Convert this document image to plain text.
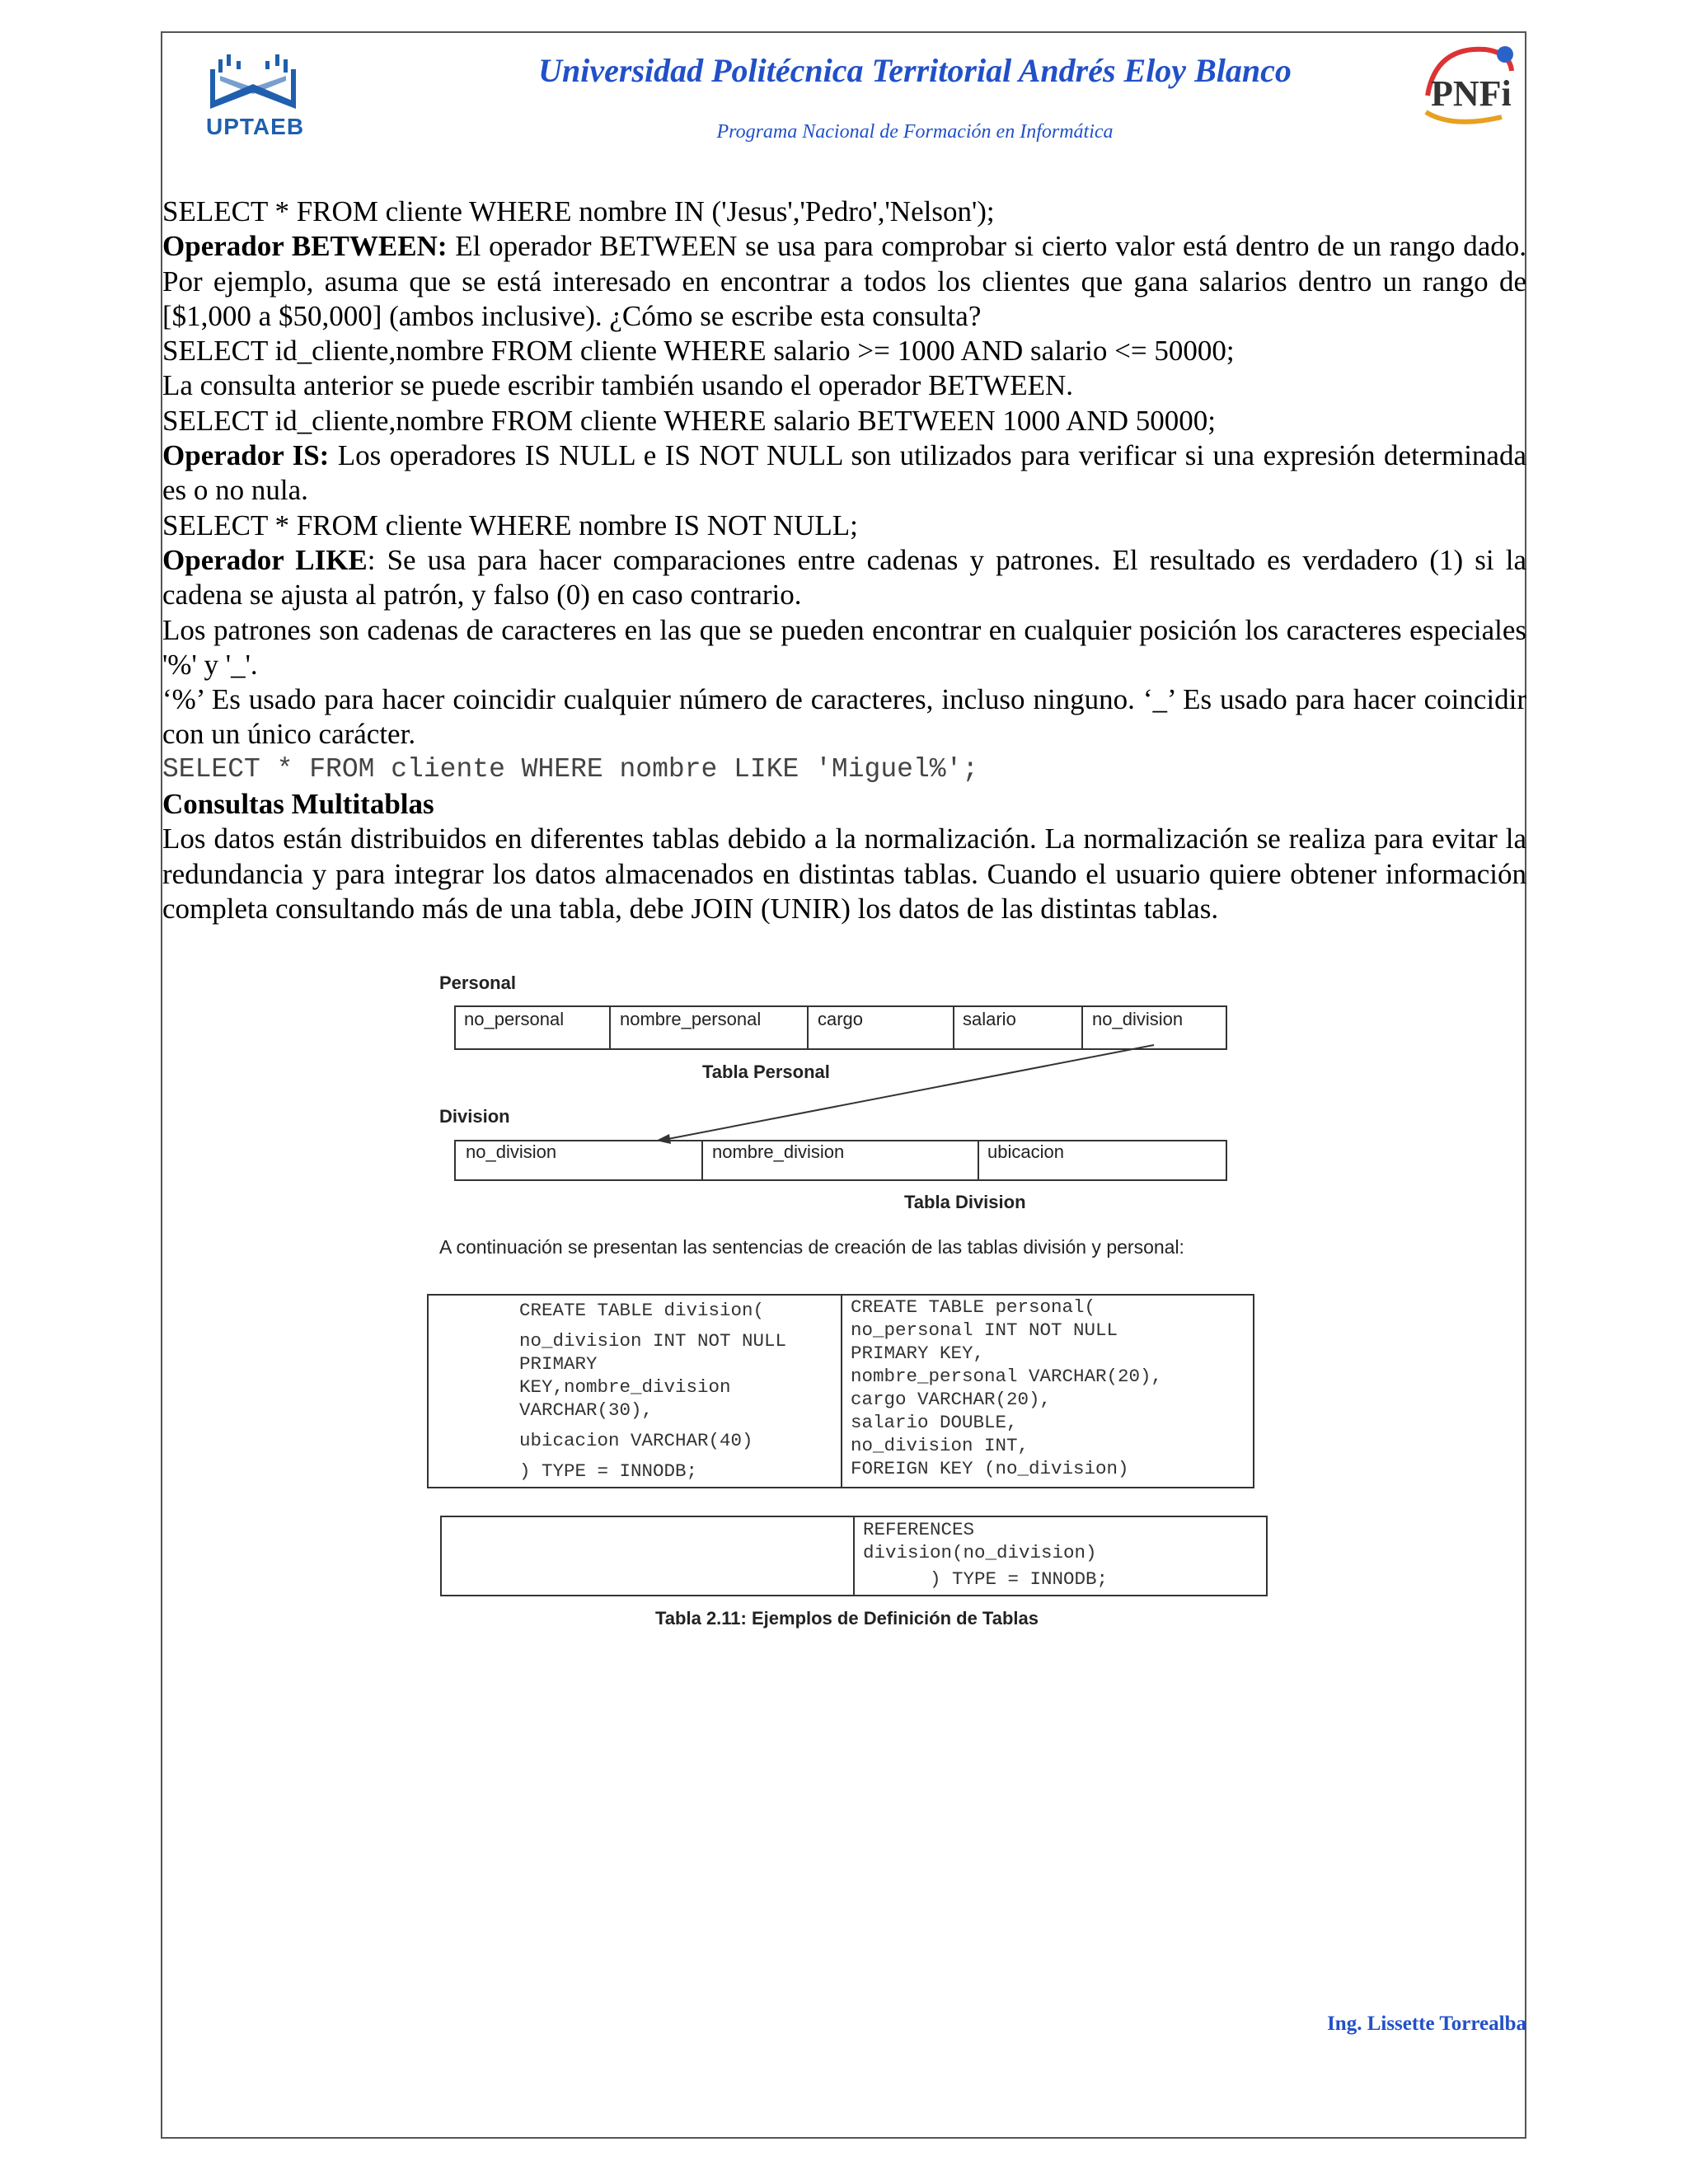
UPTAEB
Universidad Politécnica Territorial Andrés Eloy Blanco
Programa Nacional de Formación en Informática
PNFi

SELECT * FROM cliente WHERE nombre IN ('Jesus','Pedro','Nelson');

Operador BETWEEN: El operador BETWEEN se usa para comprobar si cierto valor está dentro de un rango dado. Por ejemplo, asuma que se está interesado en encontrar a todos los clientes que gana salarios dentro un rango de [$1,000 a $50,000] (ambos inclusive). ¿Cómo se escribe esta consulta?

SELECT id_cliente,nombre FROM cliente WHERE salario >= 1000 AND salario <= 50000;

La consulta anterior se puede escribir también usando el operador BETWEEN.

SELECT id_cliente,nombre FROM cliente WHERE salario BETWEEN 1000 AND 50000;

Operador IS: Los operadores IS NULL e IS NOT NULL son utilizados para verificar si una expresión determinada es o no nula.

SELECT * FROM cliente WHERE nombre IS NOT NULL;

Operador LIKE: Se usa para hacer comparaciones entre cadenas y patrones. El resultado es verdadero (1) si la cadena se ajusta al patrón, y falso (0) en caso contrario.

Los patrones son cadenas de caracteres en las que se pueden encontrar en cualquier posición los caracteres especiales '%' y '_'.

‘%’ Es usado para hacer coincidir cualquier número de caracteres, incluso ninguno. ‘_’ Es usado para hacer coincidir con un único carácter.

SELECT * FROM cliente WHERE nombre LIKE 'Miguel%';

Consultas Multitablas

Los datos están distribuidos en diferentes tablas debido a la normalización. La normalización se realiza para evitar la redundancia y para integrar los datos almacenados en distintas tablas. Cuando el usuario quiere obtener información completa consultando más de una tabla, debe JOIN (UNIR) los datos de las distintas tablas.

Personal
no_personal	nombre_personal	cargo	salario	no_division
Tabla Personal
Division
no_division	nombre_division	ubicacion
Tabla Division
A continuación se presentan las sentencias de creación de las tablas división y personal:
CREATE TABLE division(
no_division INT NOT NULL
PRIMARY
KEY,nombre_division
VARCHAR(30),
ubicacion VARCHAR(40)
) TYPE = INNODB;
CREATE TABLE personal(
no_personal INT NOT NULL
PRIMARY KEY,
nombre_personal VARCHAR(20),
cargo VARCHAR(20),
salario DOUBLE,
no_division INT,
FOREIGN KEY (no_division)
REFERENCES
division(no_division)
) TYPE = INNODB;
Tabla 2.11: Ejemplos de Definición de Tablas
Ing. Lissette Torrealba
